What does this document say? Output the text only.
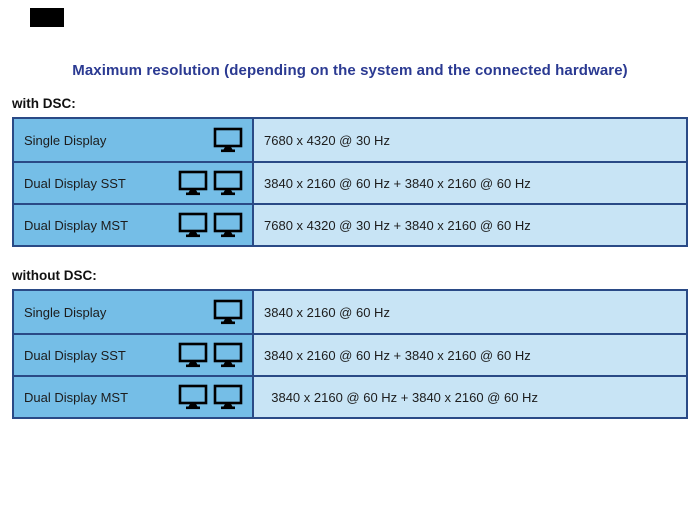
Maximum resolution (depending on the system and the connected hardware)
with DSC:
Single Display	7680 x 4320 @ 30 Hz
Dual Display SST	3840 x 2160 @ 60 Hz + 3840 x 2160 @ 60 Hz
Dual Display MST	7680 x 4320 @ 30 Hz + 3840 x 2160 @ 60 Hz
without DSC:
Single Display	3840 x 2160 @ 60 Hz
Dual Display SST	3840 x 2160 @ 60 Hz + 3840 x 2160 @ 60 Hz
Dual Display MST	3840 x 2160 @ 60 Hz + 3840 x 2160 @ 60 Hz
